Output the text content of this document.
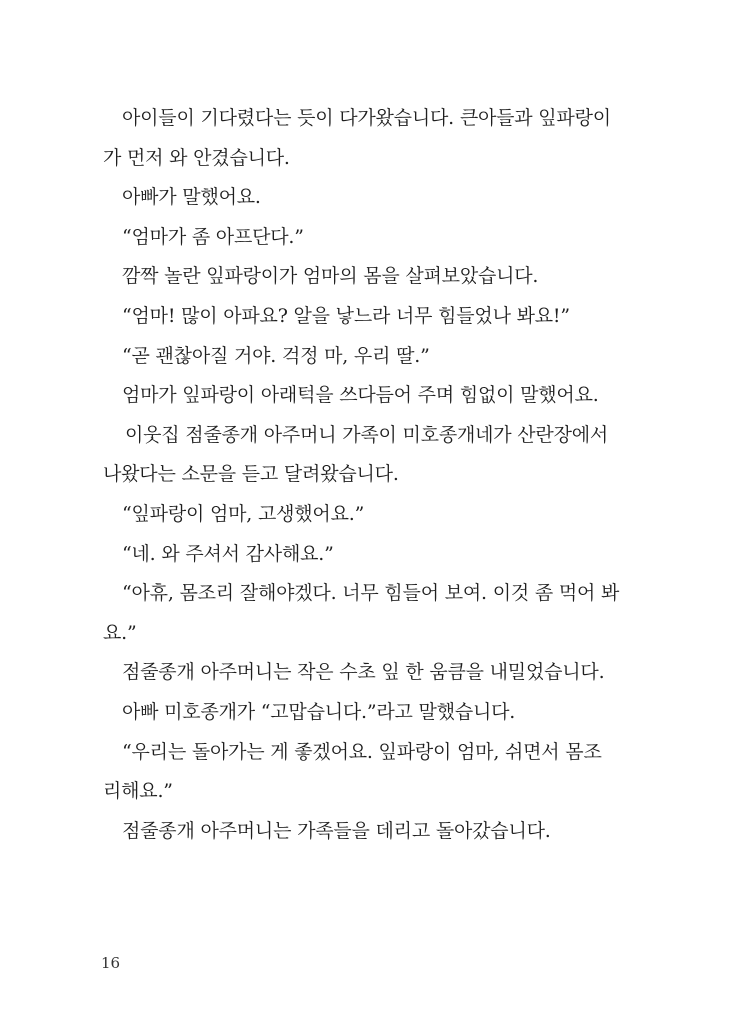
아이들이 기다렸다는 듯이 다가왔습니다. 큰아들과 잎파랑이
가 먼저 와 안겼습니다.
아빠가 말했어요.
“엄마가 좀 아프단다.”
깜짝 놀란 잎파랑이가 엄마의 몸을 살펴보았습니다.
“엄마! 많이 아파요? 알을 낳느라 너무 힘들었나 봐요!”
“곧 괜찮아질 거야. 걱정 마, 우리 딸.”
엄마가 잎파랑이 아래턱을 쓰다듬어 주며 힘없이 말했어요.
이웃집 점줄종개 아주머니 가족이 미호종개네가 산란장에서
나왔다는 소문을 듣고 달려왔습니다.
“잎파랑이 엄마, 고생했어요.”
“네. 와 주셔서 감사해요.”
“아휴, 몸조리 잘해야겠다. 너무 힘들어 보여. 이것 좀 먹어 봐
요.”
점줄종개 아주머니는 작은 수초 잎 한 움큼을 내밀었습니다.
아빠 미호종개가 “고맙습니다.”라고 말했습니다.
“우리는 돌아가는 게 좋겠어요. 잎파랑이 엄마, 쉬면서 몸조
리해요.”
점줄종개 아주머니는 가족들을 데리고 돌아갔습니다.
16
